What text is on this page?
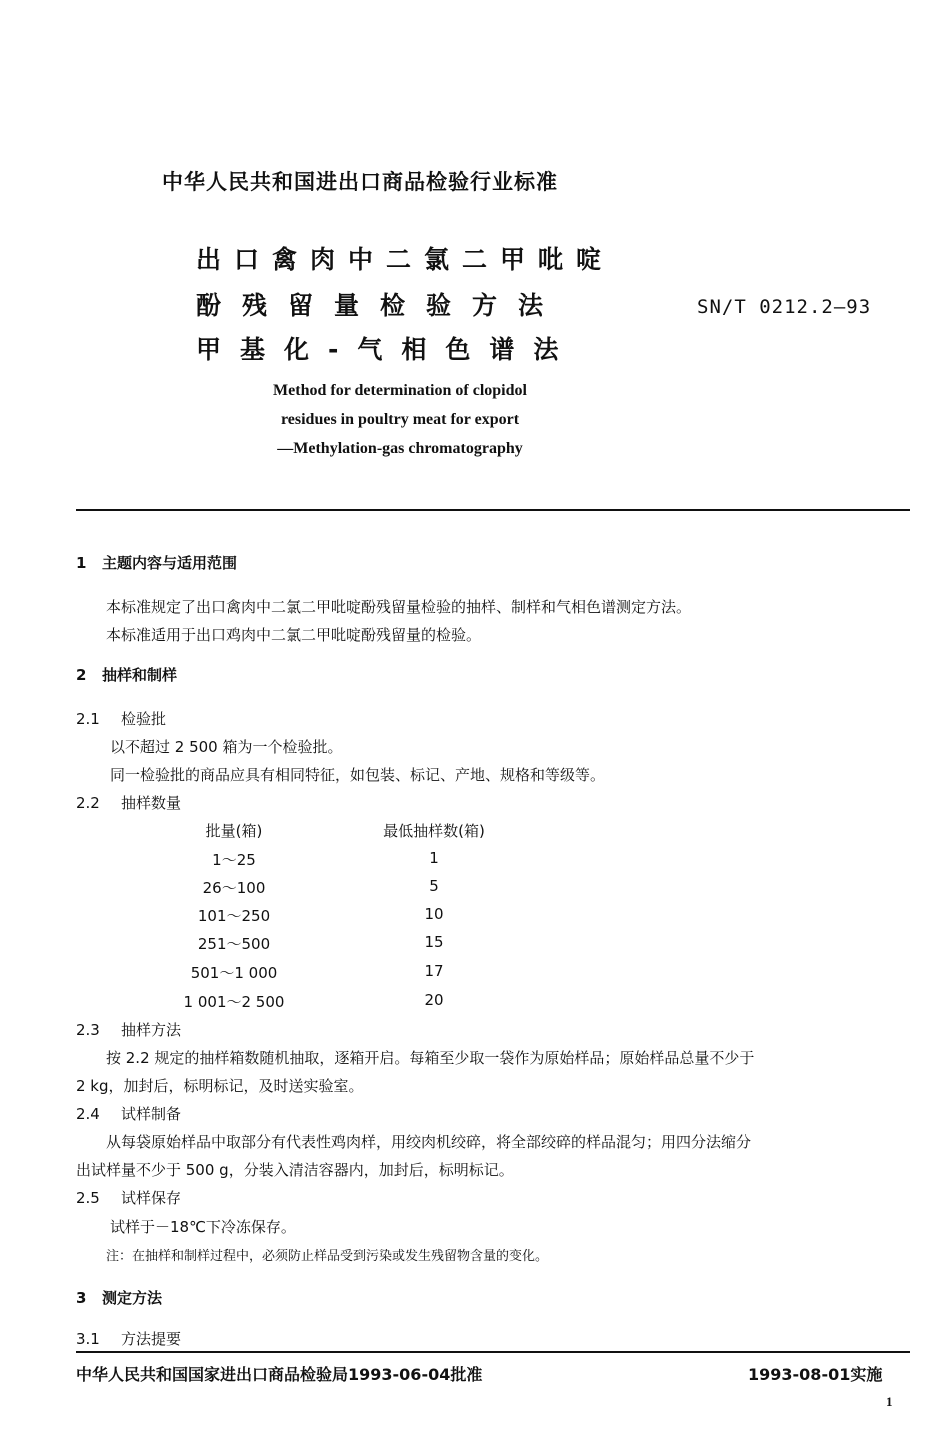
中华人民共和国进出口商品检验行业标准
出口禽肉中二氯二甲吡啶
酚残留量检验方法
甲基化-气相色谱法
SN/T 0212.2—93
Method for determination of clopidol
residues in poultry meat for export
—Methylation-gas chromatography
1 主题内容与适用范围
本标准规定了出口禽肉中二氯二甲吡啶酚残留量检验的抽样、制样和气相色谱测定方法。
本标准适用于出口鸡肉中二氯二甲吡啶酚残留量的检验。
2 抽样和制样
2.1 检验批
以不超过 2 500 箱为一个检验批。
同一检验批的商品应具有相同特征，如包装、标记、产地、规格和等级等。
2.2 抽样数量
批量(箱)	最低抽样数(箱)
1～25	1
26～100	5
101～250	10
251～500	15
501～1 000	17
1 001～2 500	20
2.3 抽样方法
按 2.2 规定的抽样箱数随机抽取，逐箱开启。每箱至少取一袋作为原始样品；原始样品总量不少于
2 kg，加封后，标明标记，及时送实验室。
2.4 试样制备
从每袋原始样品中取部分有代表性鸡肉样，用绞肉机绞碎，将全部绞碎的样品混匀；用四分法缩分
出试样量不少于 500 g，分装入清洁容器内，加封后，标明标记。
2.5 试样保存
试样于－18℃下冷冻保存。
注：在抽样和制样过程中，必须防止样品受到污染或发生残留物含量的变化。
3 测定方法
3.1 方法提要
中华人民共和国国家进出口商品检验局1993-06-04批准	1993-08-01实施
1
